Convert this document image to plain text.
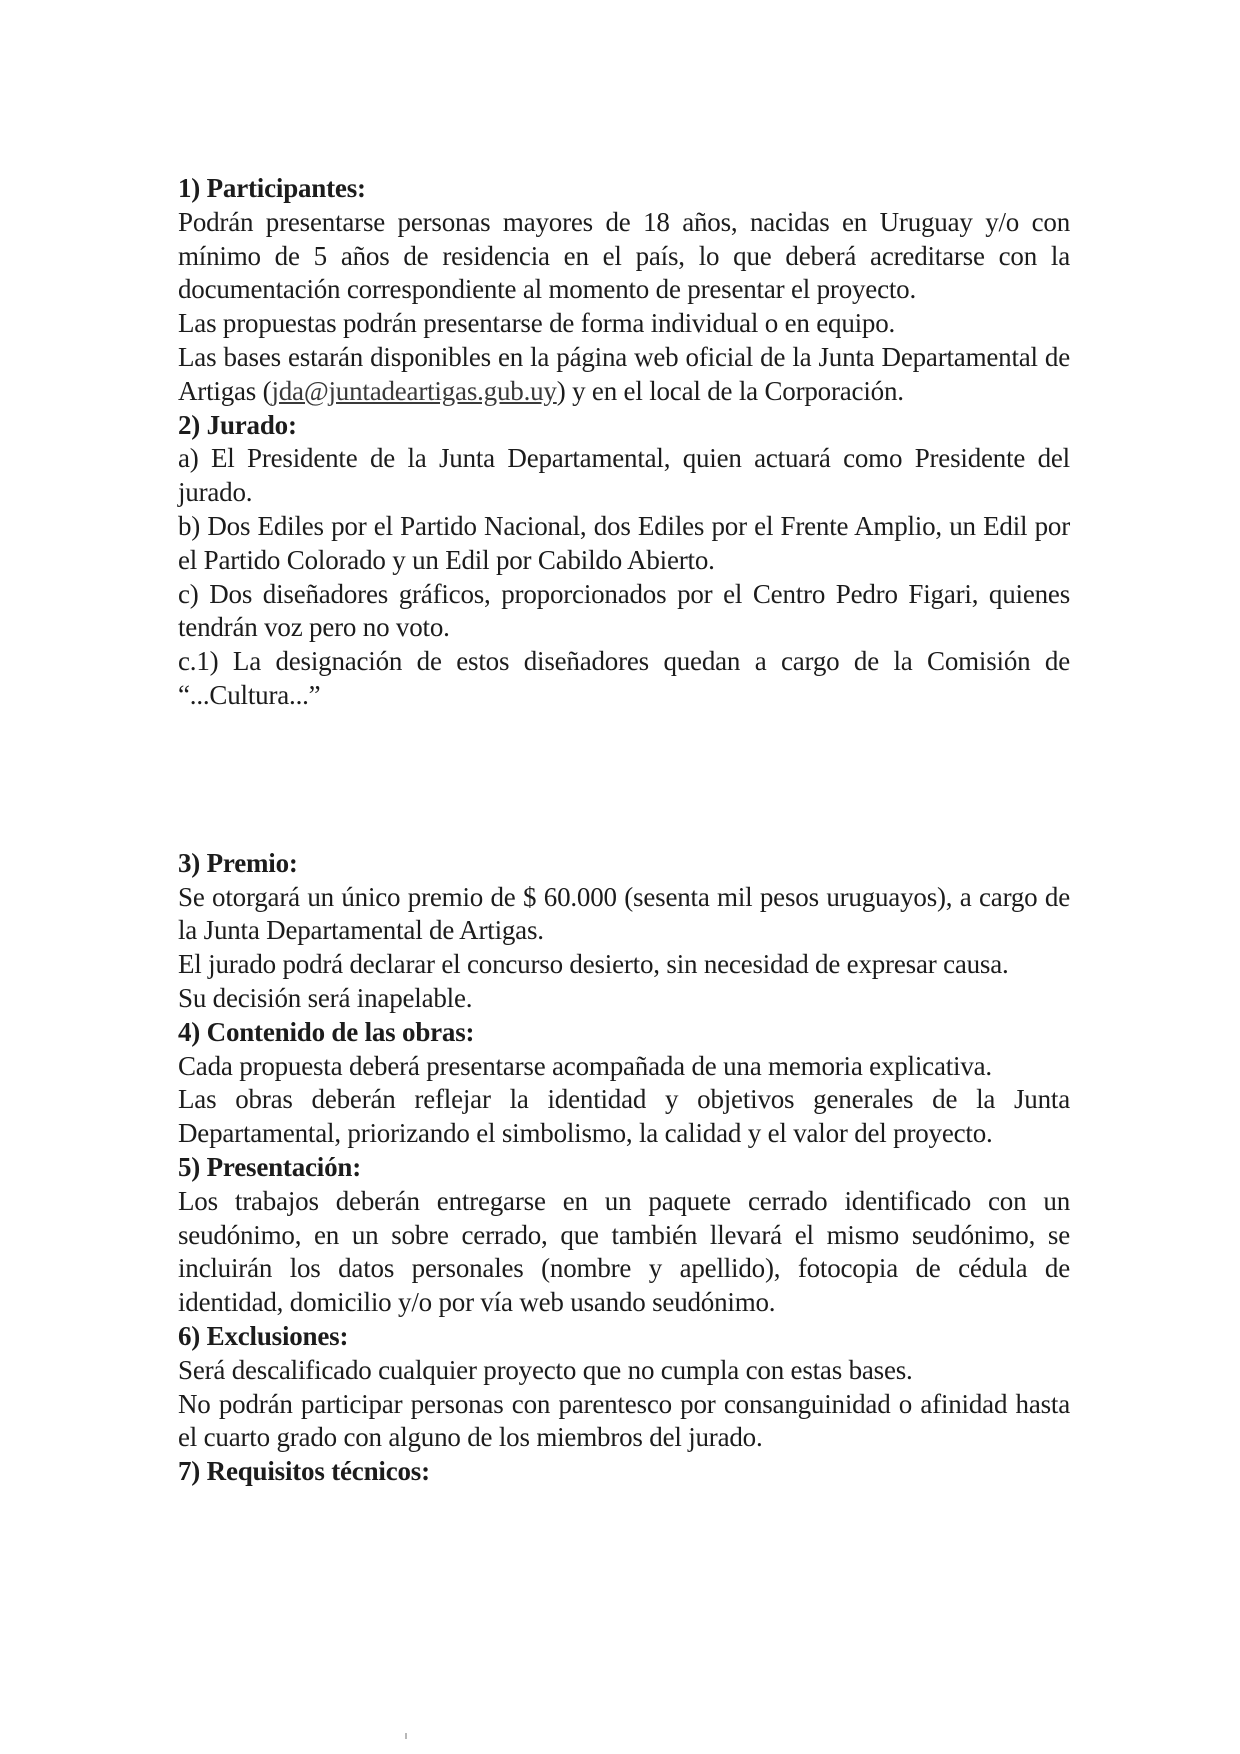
1) Participantes:

Podrán presentarse personas mayores de 18 años, nacidas en Uruguay y/o con mínimo de 5 años de residencia en el país, lo que deberá acreditarse con la documentación correspondiente al momento de presentar el proyecto.

Las propuestas podrán presentarse de forma individual o en equipo.

Las bases estarán disponibles en la página web oficial de la Junta Departamental de Artigas (jda@juntadeartigas.gub.uy) y en el local de la Corporación.

2) Jurado:

a) El Presidente de la Junta Departamental, quien actuará como Presidente del jurado.

b) Dos Ediles por el Partido Nacional, dos Ediles por el Frente Amplio, un Edil por el Partido Colorado y un Edil por Cabildo Abierto.

c) Dos diseñadores gráficos, proporcionados por el Centro Pedro Figari, quienes tendrán voz pero no voto.

c.1) La designación de estos diseñadores quedan a cargo de la Comisión de “...Cultura...”

3) Premio:

Se otorgará un único premio de $ 60.000 (sesenta mil pesos uruguayos), a cargo de la Junta Departamental de Artigas.

El jurado podrá declarar el concurso desierto, sin necesidad de expresar causa.

Su decisión será inapelable.

4) Contenido de las obras:

Cada propuesta deberá presentarse acompañada de una memoria explicativa.

Las obras deberán reflejar la identidad y objetivos generales de la Junta Departamental, priorizando el simbolismo, la calidad y el valor del proyecto.

5) Presentación:

Los trabajos deberán entregarse en un paquete cerrado identificado con un seudónimo, en un sobre cerrado, que también llevará el mismo seudónimo, se incluirán los datos personales (nombre y apellido), fotocopia de cédula de identidad, domicilio y/o por vía web usando seudónimo.

6) Exclusiones:

Será descalificado cualquier proyecto que no cumpla con estas bases.

No podrán participar personas con parentesco por consanguinidad o afinidad hasta el cuarto grado con alguno de los miembros del jurado.

7) Requisitos técnicos:
